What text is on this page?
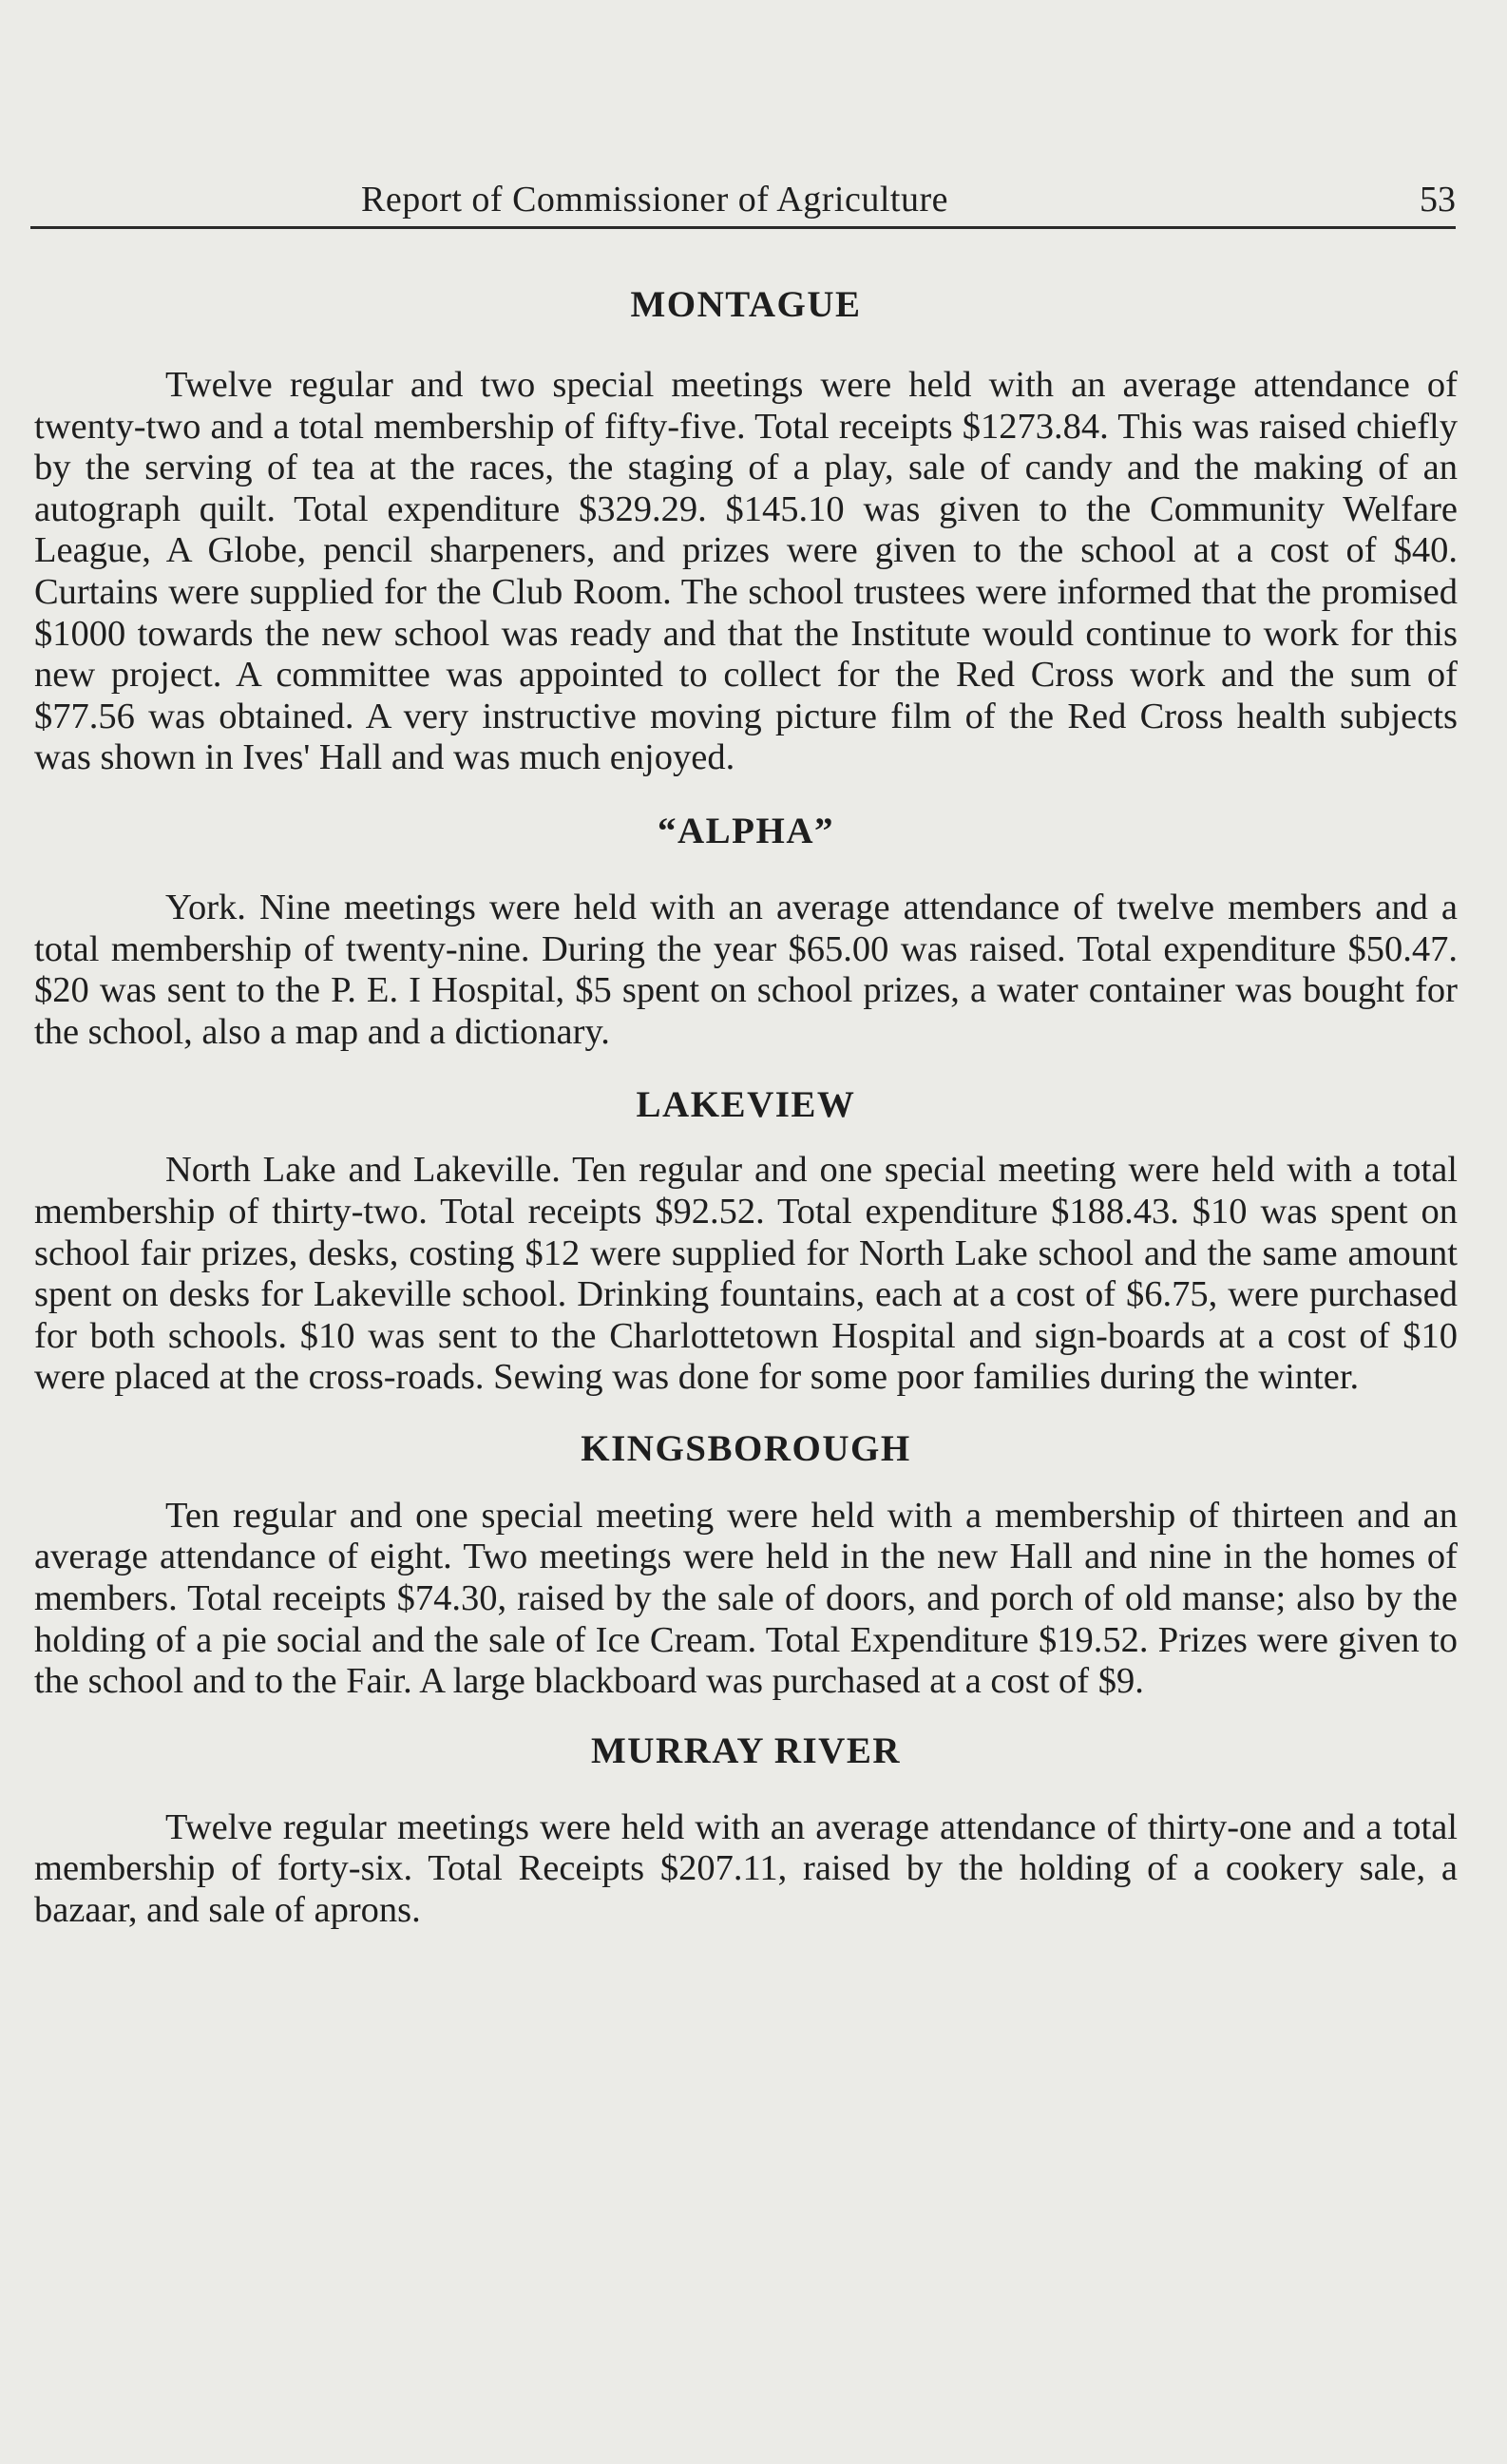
Report of Commissioner of Agriculture	53
MONTAGUE

Twelve regular and two special meetings were held with an average attendance of twenty-two and a total membership of fifty-five. Total receipts $1273.84. This was raised chiefly by the serving of tea at the races, the staging of a play, sale of candy and the making of an autograph quilt. Total expenditure $329.29. $145.10 was given to the Community Welfare League, A Globe, pencil sharpeners, and prizes were given to the school at a cost of $40. Curtains were supplied for the Club Room. The school trustees were informed that the promised $1000 towards the new school was ready and that the Institute would continue to work for this new project. A committee was appointed to collect for the Red Cross work and the sum of $77.56 was obtained. A very instructive moving picture film of the Red Cross health subjects was shown in Ives' Hall and was much enjoyed.

“ALPHA”

York. Nine meetings were held with an average attendance of twelve members and a total membership of twenty-nine. During the year $65.00 was raised. Total expenditure $50.47. $20 was sent to the P. E. I Hospital, $5 spent on school prizes, a water container was bought for the school, also a map and a dictionary.

LAKEVIEW

North Lake and Lakeville. Ten regular and one special meeting were held with a total membership of thirty-two. Total receipts $92.52. Total expenditure $188.43. $10 was spent on school fair prizes, desks, costing $12 were supplied for North Lake school and the same amount spent on desks for Lakeville school. Drinking fountains, each at a cost of $6.75, were purchased for both schools. $10 was sent to the Charlottetown Hospital and sign-boards at a cost of $10 were placed at the cross-roads. Sewing was done for some poor families during the winter.

KINGSBOROUGH

Ten regular and one special meeting were held with a membership of thirteen and an average attendance of eight. Two meetings were held in the new Hall and nine in the homes of members. Total receipts $74.30, raised by the sale of doors, and porch of old manse; also by the holding of a pie social and the sale of Ice Cream. Total Expenditure $19.52. Prizes were given to the school and to the Fair. A large blackboard was purchased at a cost of $9.

MURRAY RIVER

Twelve regular meetings were held with an average attendance of thirty-one and a total membership of forty-six. Total Receipts $207.11, raised by the holding of a cookery sale, a bazaar, and sale of aprons.
